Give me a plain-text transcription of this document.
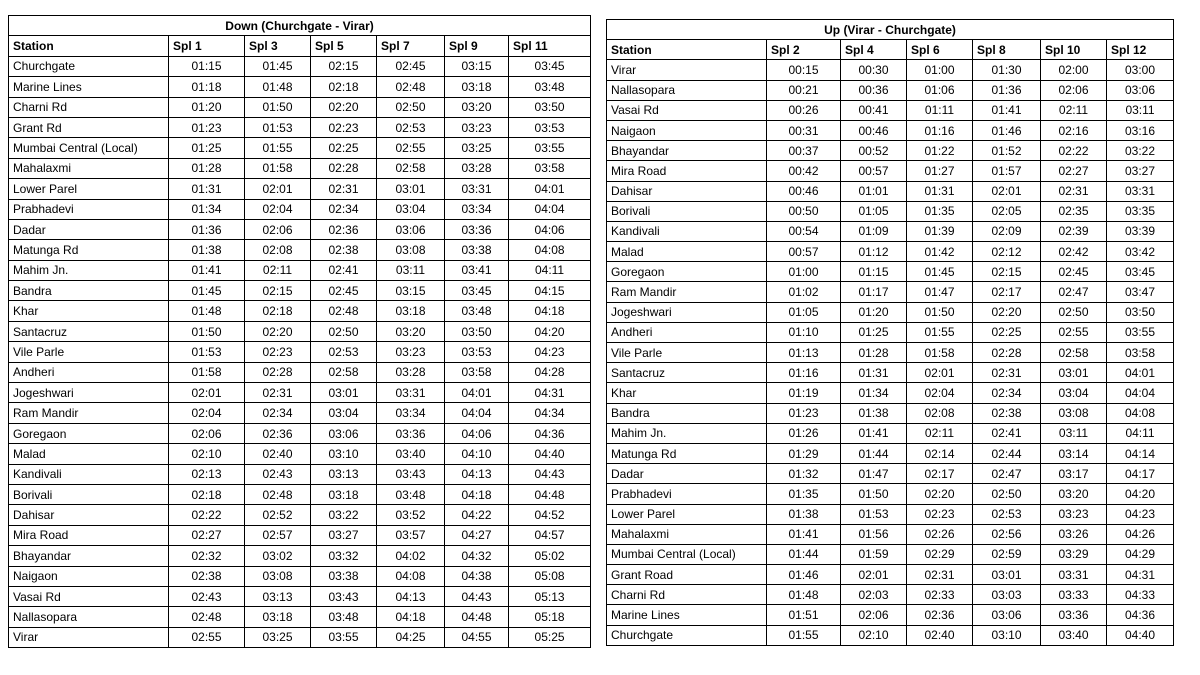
Down (Churchgate - Virar)						
Station	Spl 1	Spl 3	Spl 5	Spl 7	Spl 9	Spl 11
Churchgate	01:15	01:45	02:15	02:45	03:15	03:45
Marine Lines	01:18	01:48	02:18	02:48	03:18	03:48
Charni Rd	01:20	01:50	02:20	02:50	03:20	03:50
Grant Rd	01:23	01:53	02:23	02:53	03:23	03:53
Mumbai Central (Local)	01:25	01:55	02:25	02:55	03:25	03:55
Mahalaxmi	01:28	01:58	02:28	02:58	03:28	03:58
Lower Parel	01:31	02:01	02:31	03:01	03:31	04:01
Prabhadevi	01:34	02:04	02:34	03:04	03:34	04:04
Dadar	01:36	02:06	02:36	03:06	03:36	04:06
Matunga Rd	01:38	02:08	02:38	03:08	03:38	04:08
Mahim Jn.	01:41	02:11	02:41	03:11	03:41	04:11
Bandra	01:45	02:15	02:45	03:15	03:45	04:15
Khar	01:48	02:18	02:48	03:18	03:48	04:18
Santacruz	01:50	02:20	02:50	03:20	03:50	04:20
Vile Parle	01:53	02:23	02:53	03:23	03:53	04:23
Andheri	01:58	02:28	02:58	03:28	03:58	04:28
Jogeshwari	02:01	02:31	03:01	03:31	04:01	04:31
Ram Mandir	02:04	02:34	03:04	03:34	04:04	04:34
Goregaon	02:06	02:36	03:06	03:36	04:06	04:36
Malad	02:10	02:40	03:10	03:40	04:10	04:40
Kandivali	02:13	02:43	03:13	03:43	04:13	04:43
Borivali	02:18	02:48	03:18	03:48	04:18	04:48
Dahisar	02:22	02:52	03:22	03:52	04:22	04:52
Mira Road	02:27	02:57	03:27	03:57	04:27	04:57
Bhayandar	02:32	03:02	03:32	04:02	04:32	05:02
Naigaon	02:38	03:08	03:38	04:08	04:38	05:08
Vasai Rd	02:43	03:13	03:43	04:13	04:43	05:13
Nallasopara	02:48	03:18	03:48	04:18	04:48	05:18
Virar	02:55	03:25	03:55	04:25	04:55	05:25
Up (Virar - Churchgate)						
Station	Spl 2	Spl 4	Spl 6	Spl 8	Spl 10	Spl 12
Virar	00:15	00:30	01:00	01:30	02:00	03:00
Nallasopara	00:21	00:36	01:06	01:36	02:06	03:06
Vasai Rd	00:26	00:41	01:11	01:41	02:11	03:11
Naigaon	00:31	00:46	01:16	01:46	02:16	03:16
Bhayandar	00:37	00:52	01:22	01:52	02:22	03:22
Mira Road	00:42	00:57	01:27	01:57	02:27	03:27
Dahisar	00:46	01:01	01:31	02:01	02:31	03:31
Borivali	00:50	01:05	01:35	02:05	02:35	03:35
Kandivali	00:54	01:09	01:39	02:09	02:39	03:39
Malad	00:57	01:12	01:42	02:12	02:42	03:42
Goregaon	01:00	01:15	01:45	02:15	02:45	03:45
Ram Mandir	01:02	01:17	01:47	02:17	02:47	03:47
Jogeshwari	01:05	01:20	01:50	02:20	02:50	03:50
Andheri	01:10	01:25	01:55	02:25	02:55	03:55
Vile Parle	01:13	01:28	01:58	02:28	02:58	03:58
Santacruz	01:16	01:31	02:01	02:31	03:01	04:01
Khar	01:19	01:34	02:04	02:34	03:04	04:04
Bandra	01:23	01:38	02:08	02:38	03:08	04:08
Mahim Jn.	01:26	01:41	02:11	02:41	03:11	04:11
Matunga Rd	01:29	01:44	02:14	02:44	03:14	04:14
Dadar	01:32	01:47	02:17	02:47	03:17	04:17
Prabhadevi	01:35	01:50	02:20	02:50	03:20	04:20
Lower Parel	01:38	01:53	02:23	02:53	03:23	04:23
Mahalaxmi	01:41	01:56	02:26	02:56	03:26	04:26
Mumbai Central (Local)	01:44	01:59	02:29	02:59	03:29	04:29
Grant Road	01:46	02:01	02:31	03:01	03:31	04:31
Charni Rd	01:48	02:03	02:33	03:03	03:33	04:33
Marine Lines	01:51	02:06	02:36	03:06	03:36	04:36
Churchgate	01:55	02:10	02:40	03:10	03:40	04:40
